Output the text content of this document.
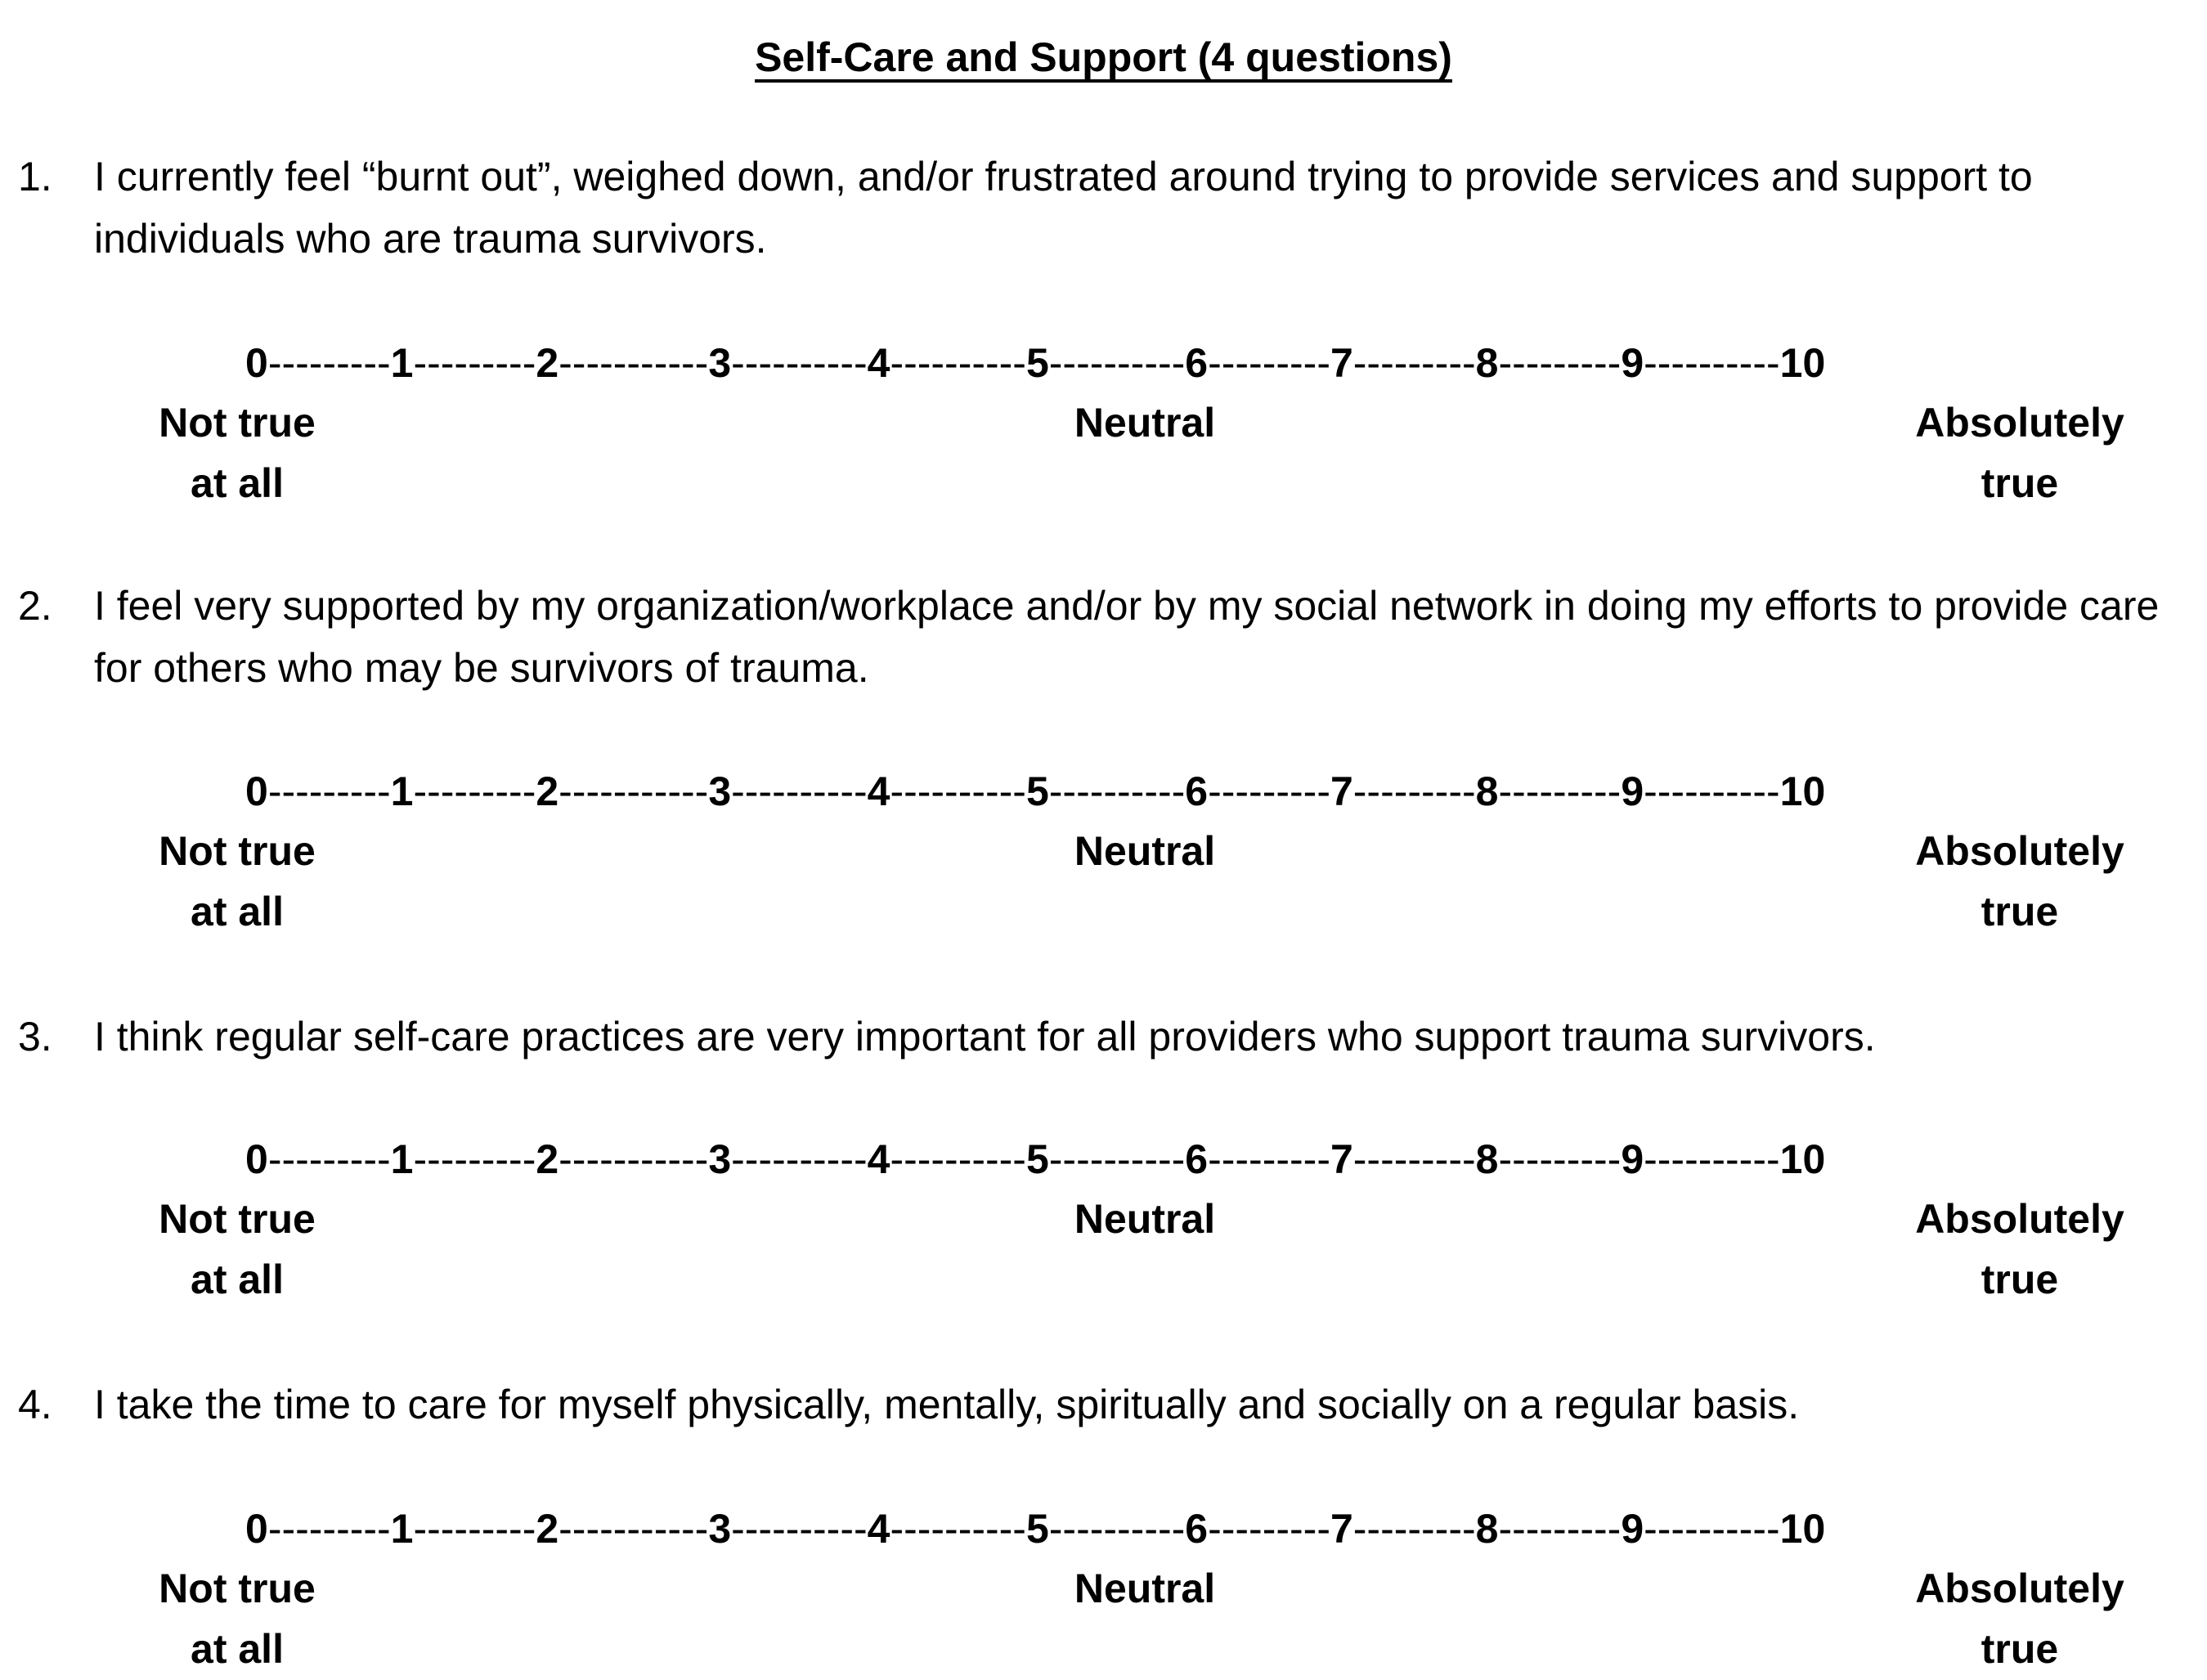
Self-Care and Support (4 questions)
1. I currently feel “burnt out”, weighed down, and/or frustrated around trying to provide services and support to individuals who are trauma survivors.
0---------1---------2-----------3----------4----------5----------6---------7---------8---------9----------10
Not true
at all
Neutral	Absolutely
true
2. I feel very supported by my organization/workplace and/or by my social network in doing my efforts to provide care for others who may be survivors of trauma.
0---------1---------2-----------3----------4----------5----------6---------7---------8---------9----------10
Not true
at all
Neutral	Absolutely
true
3. I think regular self-care practices are very important for all providers who support trauma survivors.
0---------1---------2-----------3----------4----------5----------6---------7---------8---------9----------10
Not true
at all
Neutral	Absolutely
true
4. I take the time to care for myself physically, mentally, spiritually and socially on a regular basis.
0---------1---------2-----------3----------4----------5----------6---------7---------8---------9----------10
Not true
at all
Neutral	Absolutely
true
